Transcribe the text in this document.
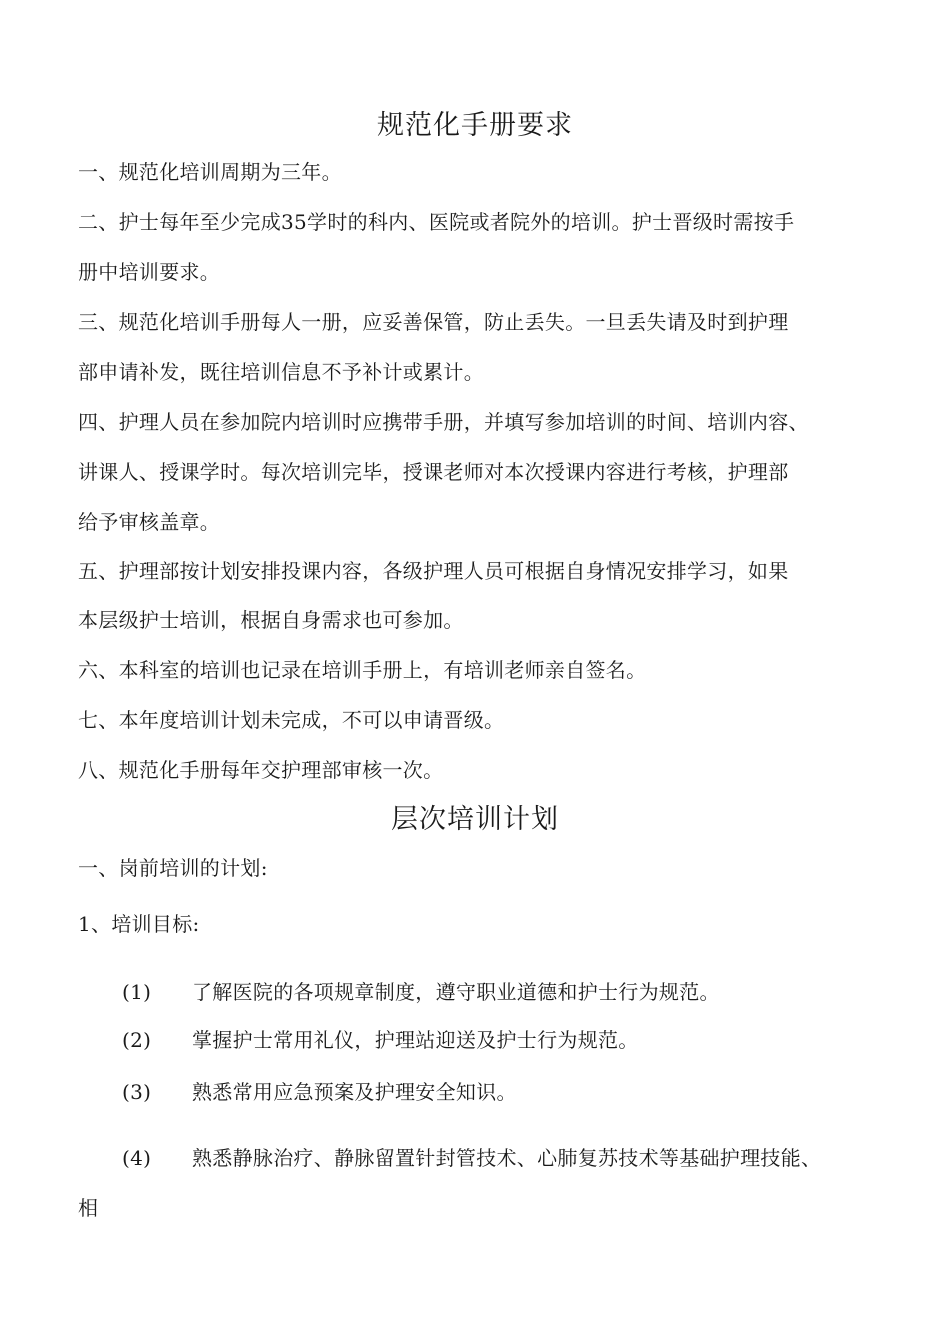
规范化手册要求
一、规范化培训周期为三年。
二、护士每年至少完成35学时的科内、医院或者院外的培训。护士晋级时需按手
册中培训要求。
三、规范化培训手册每人一册，应妥善保管，防止丢失。一旦丢失请及时到护理
部申请补发，既往培训信息不予补计或累计。
四、护理人员在参加院内培训时应携带手册，并填写参加培训的时间、培训内容、
讲课人、授课学时。每次培训完毕，授课老师对本次授课内容进行考核，护理部
给予审核盖章。
五、护理部按计划安排投课内容，各级护理人员可根据自身情况安排学习，如果
本层级护士培训，根据自身需求也可参加。
六、本科室的培训也记录在培训手册上，有培训老师亲自签名。
七、本年度培训计划未完成，不可以申请晋级。
八、规范化手册每年交护理部审核一次。
层次培训计划
一、岗前培训的计划:
1、培训目标:
(1) 了解医院的各项规章制度，遵守职业道德和护士行为规范。
(2) 掌握护士常用礼仪，护理站迎送及护士行为规范。
(3) 熟悉常用应急预案及护理安全知识。
(4) 熟悉静脉治疗、静脉留置针封管技术、心肺复苏技术等基础护理技能、
相
